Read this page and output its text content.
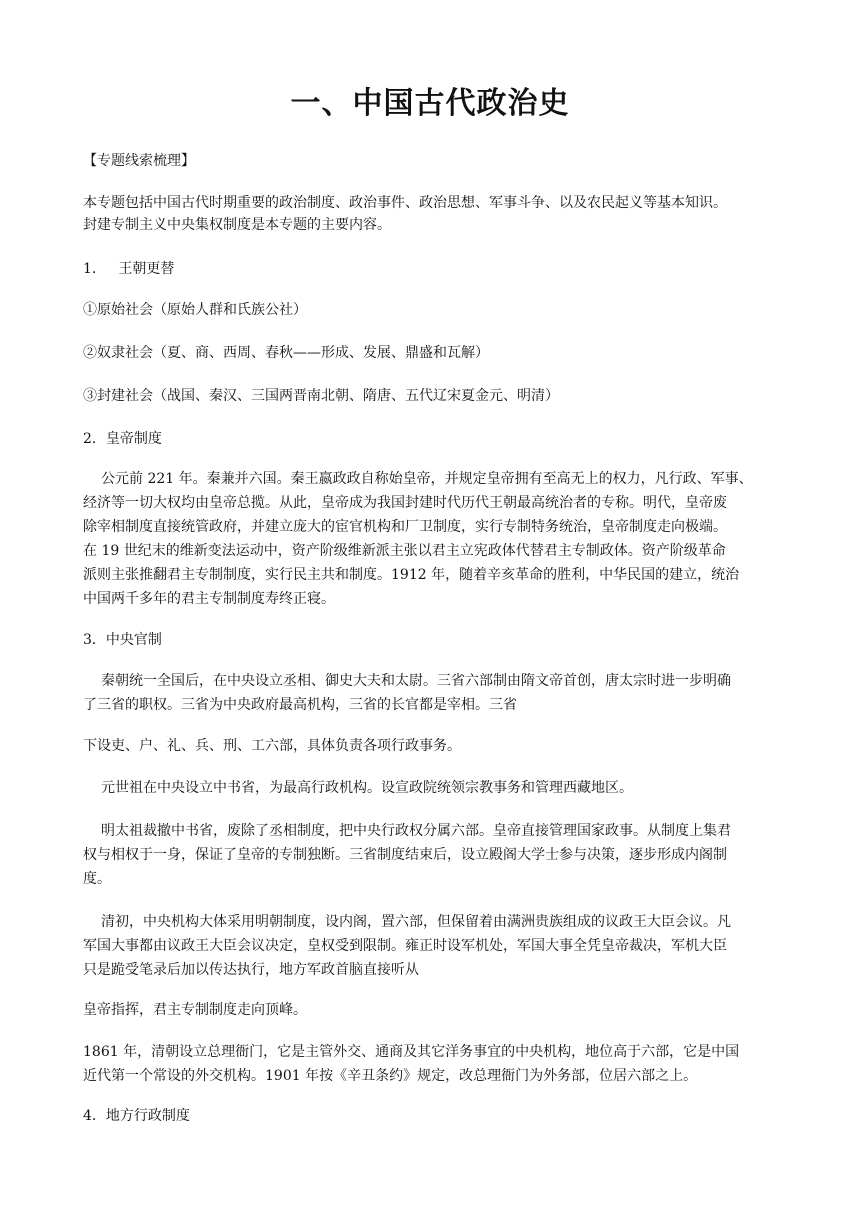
一、中国古代政治史
【专题线索梳理】
本专题包括中国古代时期重要的政治制度、政治事件、政治思想、军事斗争、以及农民起义等基本知识。
封建专制主义中央集权制度是本专题的主要内容。
1. 王朝更替
①原始社会（原始人群和氏族公社）
②奴隶社会（夏、商、西周、春秋——形成、发展、鼎盛和瓦解）
③封建社会（战国、秦汉、三国两晋南北朝、隋唐、五代辽宋夏金元、明清）
2．皇帝制度
公元前 221 年。秦兼并六国。秦王嬴政政自称始皇帝，并规定皇帝拥有至高无上的权力，凡行政、军事、
经济等一切大权均由皇帝总揽。从此，皇帝成为我国封建时代历代王朝最高统治者的专称。明代，皇帝废
除宰相制度直接统管政府，并建立庞大的宦官机构和厂卫制度，实行专制特务统治，皇帝制度走向极端。
在 19 世纪末的维新变法运动中，资产阶级维新派主张以君主立宪政体代替君主专制政体。资产阶级革命
派则主张推翻君主专制制度，实行民主共和制度。1912 年，随着辛亥革命的胜利，中华民国的建立，统治
中国两千多年的君主专制制度寿终正寝。
3．中央官制
秦朝统一全国后，在中央设立丞相、御史大夫和太尉。三省六部制由隋文帝首创，唐太宗时进一步明确
了三省的职权。三省为中央政府最高机构，三省的长官都是宰相。三省
下设吏、户、礼、兵、刑、工六部，具体负责各项行政事务。
元世祖在中央设立中书省，为最高行政机构。设宣政院统领宗教事务和管理西藏地区。
明太祖裁撤中书省，废除了丞相制度，把中央行政权分属六部。皇帝直接管理国家政事。从制度上集君
权与相权于一身，保证了皇帝的专制独断。三省制度结束后，设立殿阁大学士参与决策，逐步形成内阁制
度。
清初，中央机构大体采用明朝制度，设内阁，置六部，但保留着由满洲贵族组成的议政王大臣会议。凡
军国大事都由议政王大臣会议决定，皇权受到限制。雍正时设军机处，军国大事全凭皇帝裁决，军机大臣
只是跪受笔录后加以传达执行，地方军政首脑直接听从
皇帝指挥，君主专制制度走向顶峰。
1861 年，清朝设立总理衙门，它是主管外交、通商及其它洋务事宜的中央机构，地位高于六部，它是中国
近代第一个常设的外交机构。1901 年按《辛丑条约》规定，改总理衙门为外务部，位居六部之上。
4．地方行政制度
